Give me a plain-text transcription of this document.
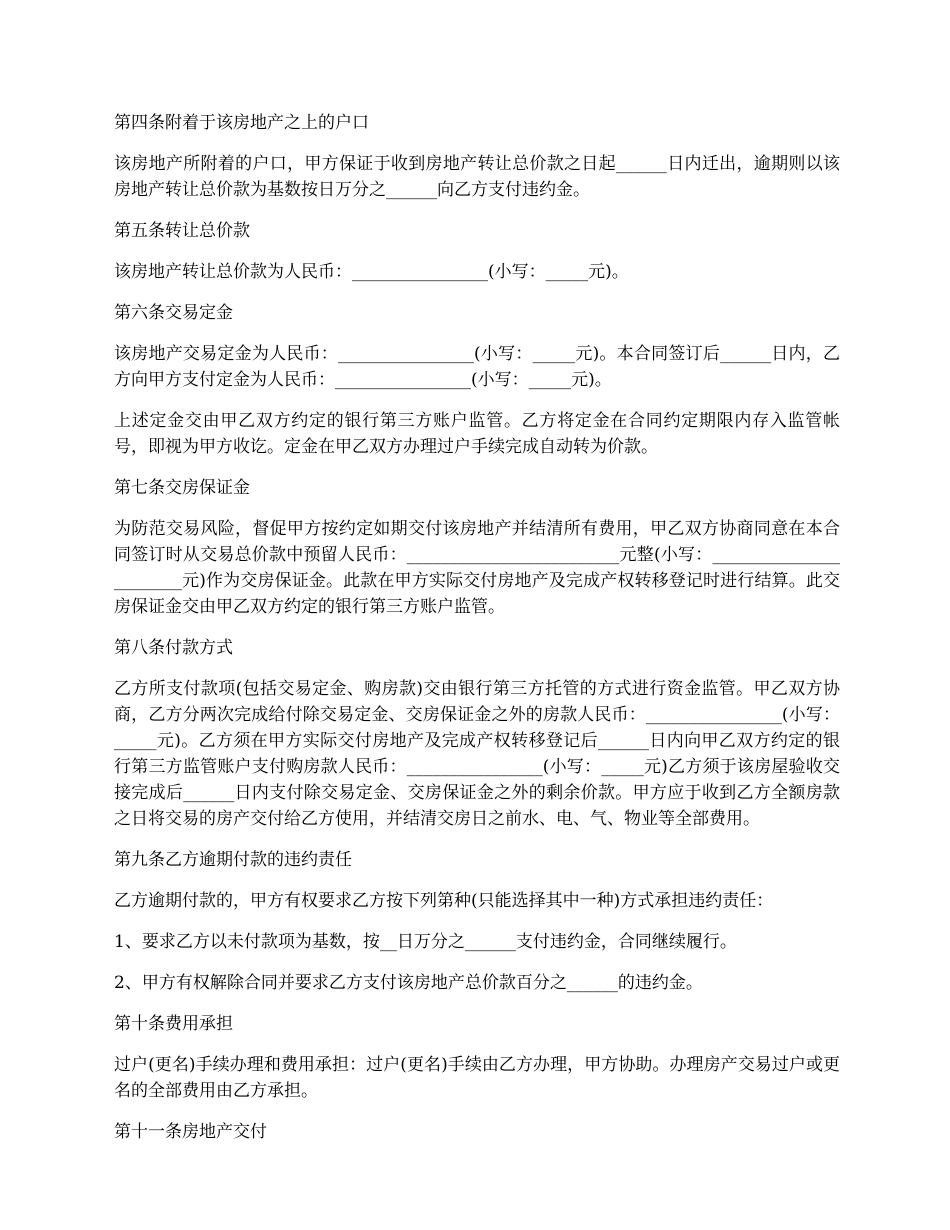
第四条附着于该房地产之上的户口

该房地产所附着的户口，甲方保证于收到房地产转让总价款之日起______日内迁出，逾期则以该房地产转让总价款为基数按日万分之______向乙方支付违约金。

第五条转让总价款

该房地产转让总价款为人民币：________________(小写：_____元)。

第六条交易定金

该房地产交易定金为人民币：________________(小写：_____元)。本合同签订后______日内，乙方向甲方支付定金为人民币：________________(小写：_____元)。

上述定金交由甲乙双方约定的银行第三方账户监管。乙方将定金在合同约定期限内存入监管帐号，即视为甲方收讫。定金在甲乙双方办理过户手续完成自动转为价款。

第七条交房保证金

为防范交易风险，督促甲方按约定如期交付该房地产并结清所有费用，甲乙双方协商同意在本合同签订时从交易总价款中预留人民币：_________________________元整(小写：_______________________元)作为交房保证金。此款在甲方实际交付房地产及完成产权转移登记时进行结算。此交房保证金交由甲乙双方约定的银行第三方账户监管。

第八条付款方式

乙方所支付款项(包括交易定金、购房款)交由银行第三方托管的方式进行资金监管。甲乙双方协商，乙方分两次完成给付除交易定金、交房保证金之外的房款人民币：________________(小写：_____元)。乙方须在甲方实际交付房地产及完成产权转移登记后______日内向甲乙双方约定的银行第三方监管账户支付购房款人民币：________________(小写：_____元)乙方须于该房屋验收交接完成后______日内支付除交易定金、交房保证金之外的剩余价款。甲方应于收到乙方全额房款之日将交易的房产交付给乙方使用，并结清交房日之前水、电、气、物业等全部费用。

第九条乙方逾期付款的违约责任

乙方逾期付款的，甲方有权要求乙方按下列第种(只能选择其中一种)方式承担违约责任：

1、要求乙方以未付款项为基数，按__日万分之______支付违约金，合同继续履行。

2、甲方有权解除合同并要求乙方支付该房地产总价款百分之______的违约金。

第十条费用承担

过户(更名)手续办理和费用承担：过户(更名)手续由乙方办理，甲方协助。办理房产交易过户或更名的全部费用由乙方承担。

第十一条房地产交付
